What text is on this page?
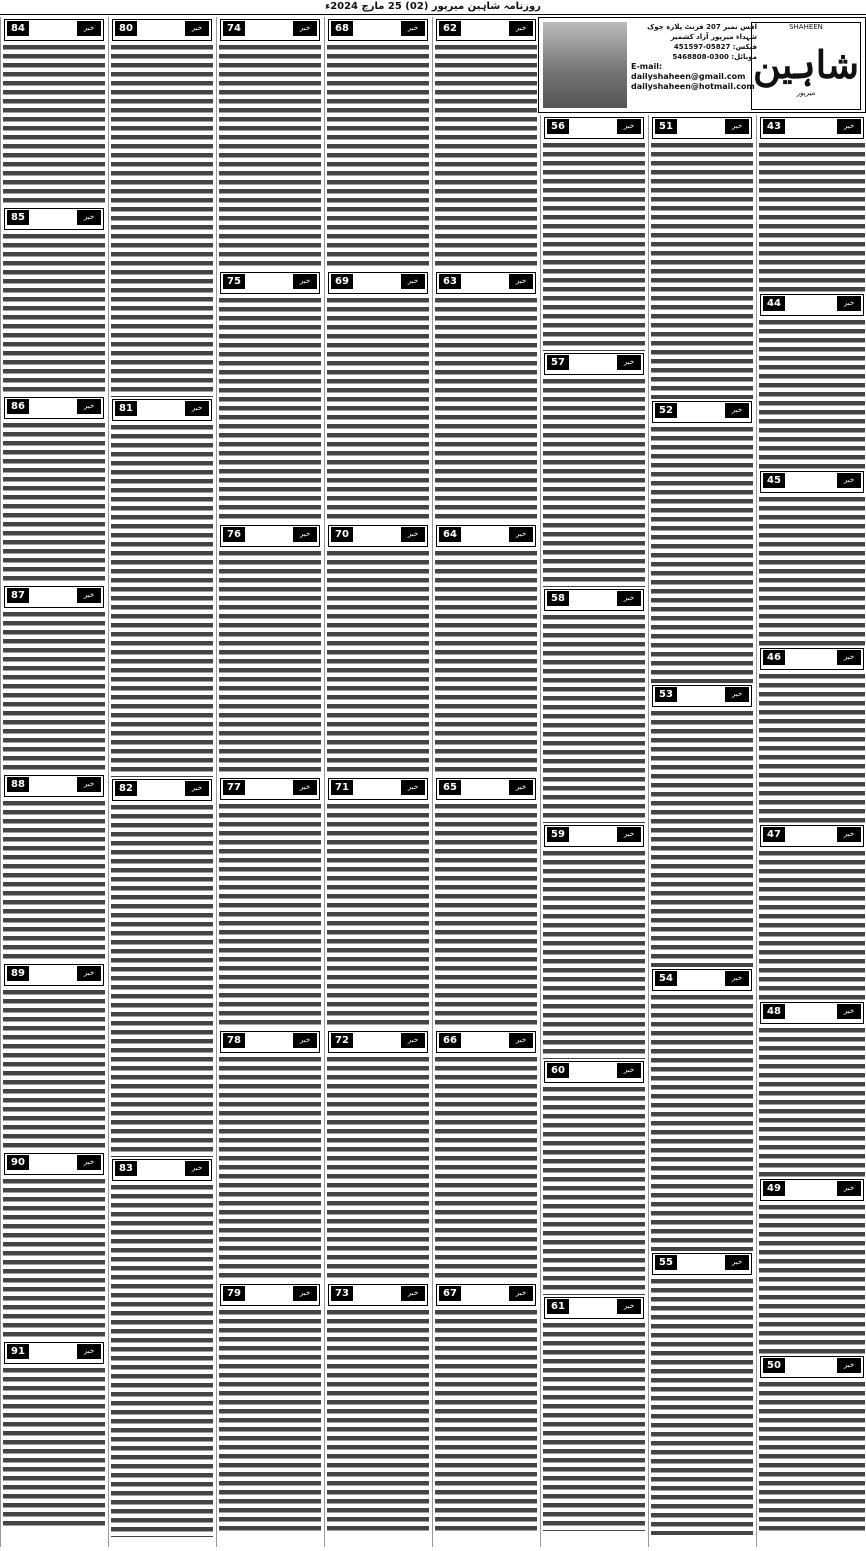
روزنامہ شاہین میرپور (02) 25 مارچ 2024ء
84	خبر
85	خبر
86	خبر
87	خبر
88	خبر
89	خبر
90	خبر
91	خبر
80	خبر
81	خبر
82	خبر
83	خبر
74	خبر
75	خبر
76	خبر
77	خبر
78	خبر
79	خبر
68	خبر
69	خبر
70	خبر
71	خبر
72	خبر
73	خبر
62	خبر
63	خبر
64	خبر
65	خبر
66	خبر
67	خبر
56	خبر
57	خبر
58	خبر
59	خبر
60	خبر
61	خبر
51	خبر
52	خبر
53	خبر
54	خبر
55	خبر
43	خبر
44	خبر
45	خبر
46	خبر
47	خبر
48	خبر
49	خبر
50	خبر
SHAHEEN
شاہین
میرپور
آفس نمبر 207 فرنٹ پلازہ چوک شہداء میرپور آزاد کشمیر
فیکس: 05827-451597
موبائل: 0300-5468808
E-mail: dailyshaheen@gmail.com
dailyshaheen@hotmail.com
